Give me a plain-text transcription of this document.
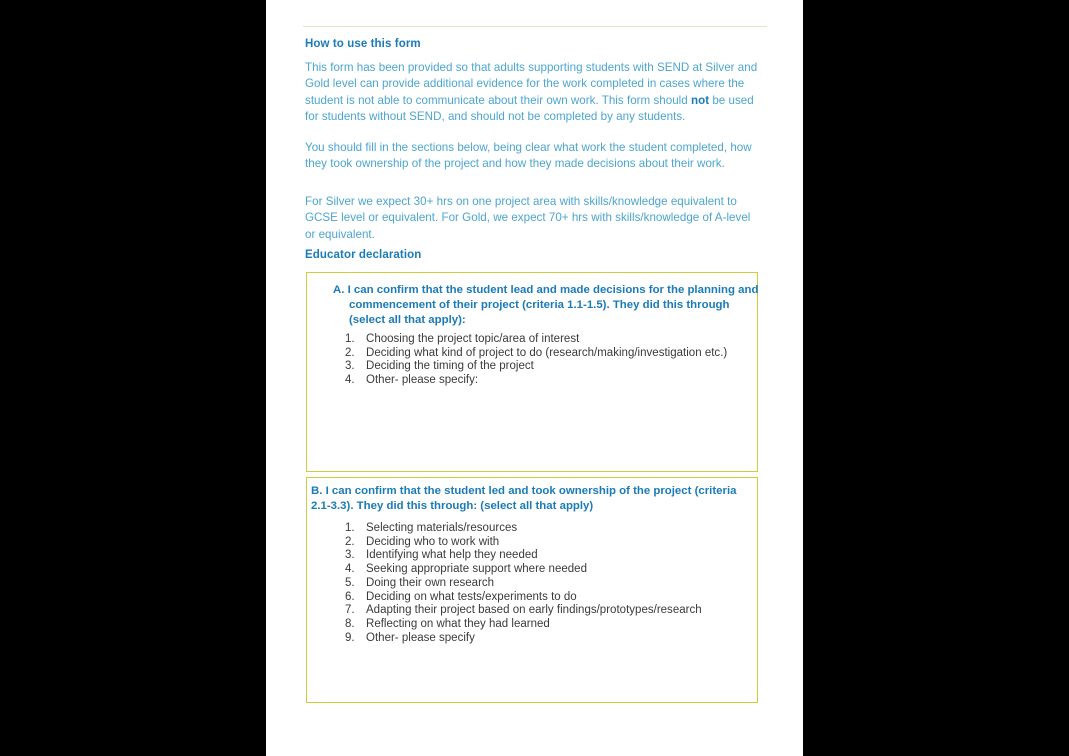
How to use this form
This form has been provided so that adults supporting students with SEND at Silver and Gold level can provide additional evidence for the work completed in cases where the student is not able to communicate about their own work. This form should not be used for students without SEND, and should not be completed by any students.
You should fill in the sections below, being clear what work the student completed, how they took ownership of the project and how they made decisions about their work.
For Silver we expect 30+ hrs on one project area with skills/knowledge equivalent to GCSE level or equivalent. For Gold, we expect 70+ hrs with skills/knowledge of A-level or equivalent.
Educator declaration
A. I can confirm that the student lead and made decisions for the planning and commencement of their project (criteria 1.1-1.5). They did this through (select all that apply):
1. Choosing the project topic/area of interest
2. Deciding what kind of project to do (research/making/investigation etc.)
3. Deciding the timing of the project
4. Other- please specify:
B. I can confirm that the student led and took ownership of the project (criteria 2.1-3.3). They did this through: (select all that apply)
1. Selecting materials/resources
2. Deciding who to work with
3. Identifying what help they needed
4. Seeking appropriate support where needed
5. Doing their own research
6. Deciding on what tests/experiments to do
7. Adapting their project based on early findings/prototypes/research
8. Reflecting on what they had learned
9. Other- please specify
